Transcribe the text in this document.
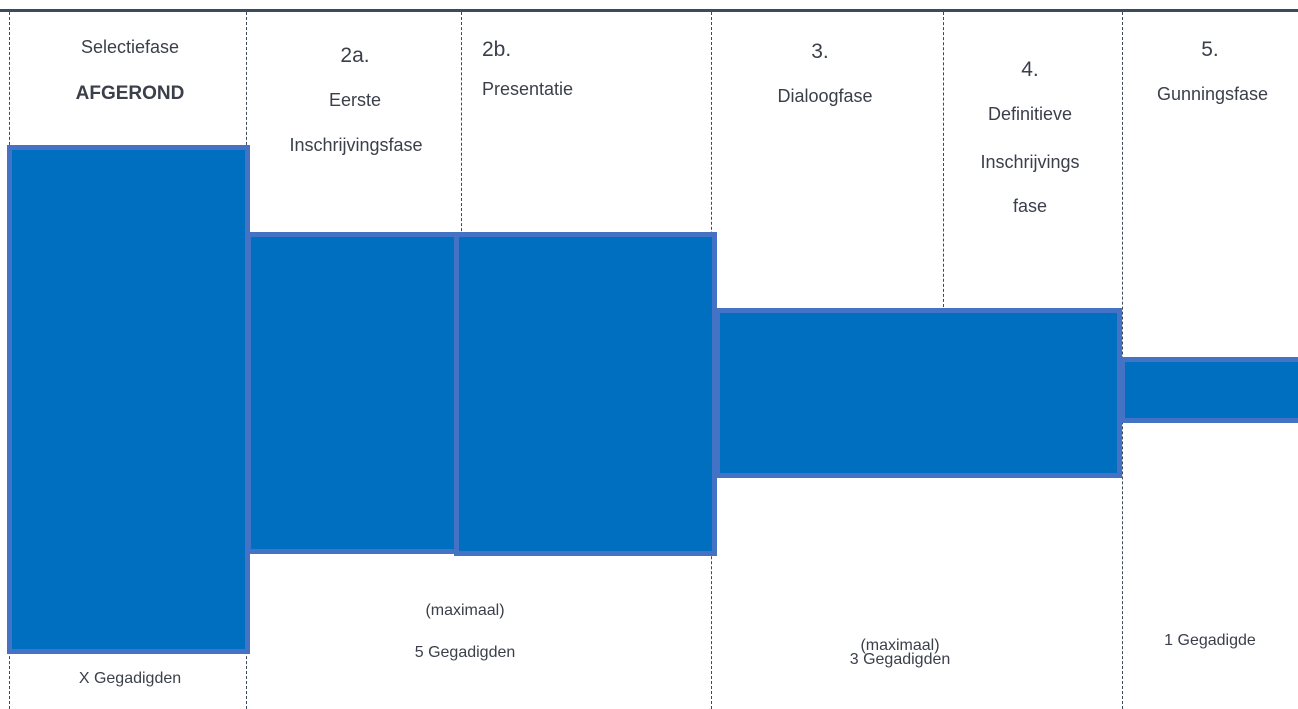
Selectiefase
AFGEROND
X Gegadigden
2a.
Eerste
Inschrijvingsfase
2b.
Presentatie
3.
Dialoogfase
4.
Definitieve
Inschrijvings
fase
5.
Gunningsfase
1 Gegadigde
(maximaal)
5 Gegadigden	(maximaal)
3 Gegadigden
